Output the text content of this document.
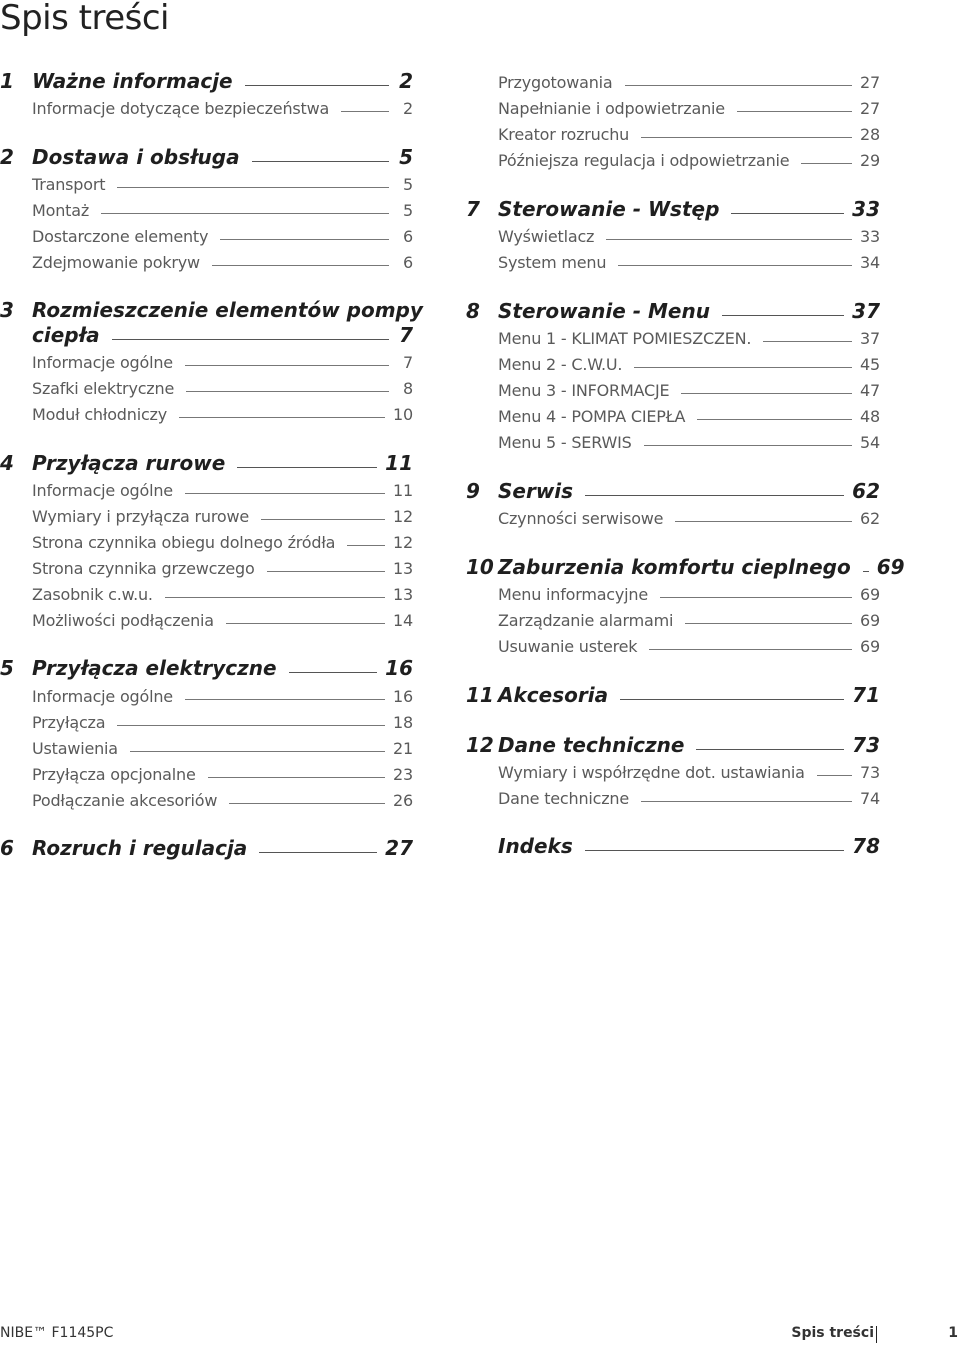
Spis treści
1 Ważne informacje	2
Informacje dotyczące bezpieczeństwa	2
2 Dostawa i obsługa	5
Transport	5
Montaż	5
Dostarczone elementy	6
Zdejmowanie pokryw	6
3 Rozmieszczenie elementów pompy
ciepła	7
Informacje ogólne	7
Szafki elektryczne	8
Moduł chłodniczy	10
4 Przyłącza rurowe	11
Informacje ogólne	11
Wymiary i przyłącza rurowe	12
Strona czynnika obiegu dolnego źródła	12
Strona czynnika grzewczego	13
Zasobnik c.w.u.	13
Możliwości podłączenia	14
5 Przyłącza elektryczne	16
Informacje ogólne	16
Przyłącza	18
Ustawienia	21
Przyłącza opcjonalne	23
Podłączanie akcesoriów	26
6 Rozruch i regulacja	27
Przygotowania	27
Napełnianie i odpowietrzanie	27
Kreator rozruchu	28
Późniejsza regulacja i odpowietrzanie	29
7 Sterowanie - Wstęp	33
Wyświetlacz	33
System menu	34
8 Sterowanie - Menu	37
Menu 1 - KLIMAT POMIESZCZEN.	37
Menu 2 - C.W.U.	45
Menu 3 - INFORMACJE	47
Menu 4 - POMPA CIEPŁA	48
Menu 5 - SERWIS	54
9 Serwis	62
Czynności serwisowe	62
10 Zaburzenia komfortu cieplnego 69
Menu informacyjne	69
Zarządzanie alarmami	69
Usuwanie usterek	69
11 Akcesoria	71
12 Dane techniczne	73
Wymiary i współrzędne dot. ustawiania	73
Dane techniczne	74
Indeks	78
NIBE™ F1145PC	Spis treści	1
